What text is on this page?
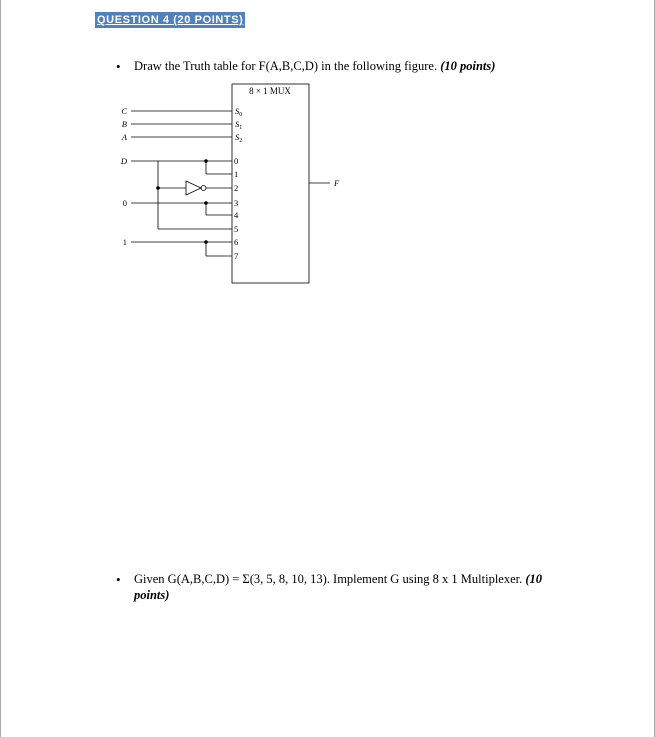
QUESTION 4 (20 POINTS)
• Draw the Truth table for F(A,B,C,D) in the following figure. (10 points)
8 × 1 MUX
C
B
A
D
0
1
$S_0$
$S_1$
$S_2$
0
1
2
3
4
5
6
7
F
• Given G(A,B,C,D) = Σ(3, 5, 8, 10, 13). Implement G using 8 x 1 Multiplexer. (10 points)
